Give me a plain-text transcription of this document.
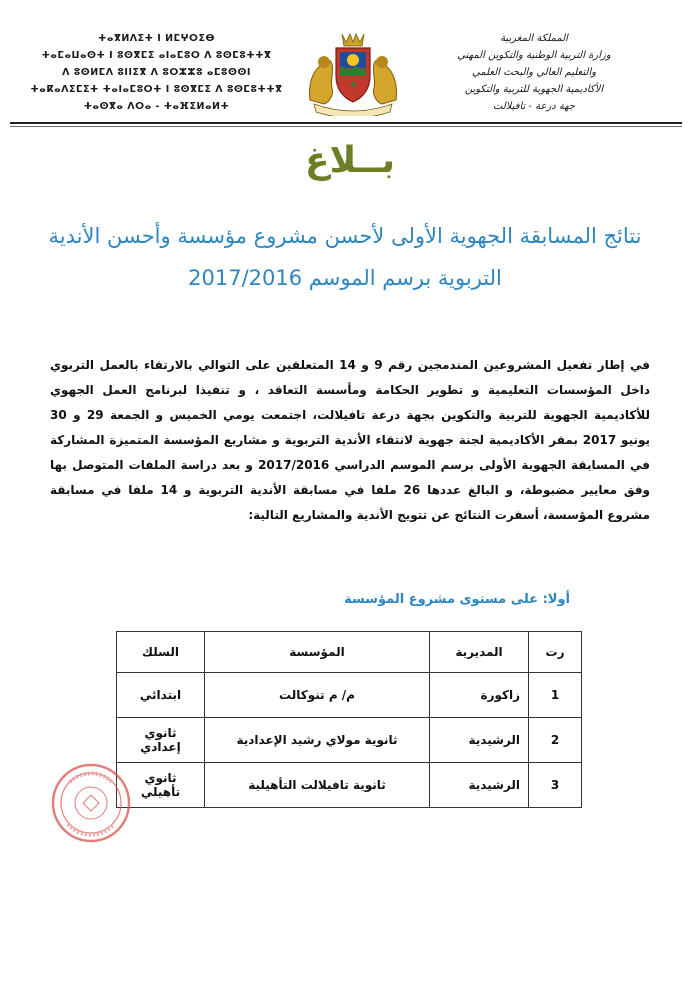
ⵜⴰⴳⵍⴷⵉⵜ ⵏ ⵍⵎⵖⵔⵉⴱ
ⵜⴰⵎⴰⵡⴰⵙⵜ ⵏ ⵓⵙⴳⵎⵉ ⴰⵏⴰⵎⵓⵔ ⴷ ⵓⵙⵎⵓⵜⵜⴳ
ⴷ ⵓⵙⵍⵎⴷ ⵓⵏⵏⵉⴳ ⴷ ⵓⵔⵣⵣⵓ ⴰⵎⵓⵙⵙⵏ
ⵜⴰⴽⴰⴷⵉⵎⵉⵜ ⵜⴰⵏⴰⵎⵓⵔⵜ ⵏ ⵓⵙⴳⵎⵉ ⴷ ⵓⵙⵎⵓⵜⵜⴳ
ⵜⴰⵙⴳⴰ ⴷⵔⴰ - ⵜⴰⴼⵉⵍⴰⵍⵜ
المملكة المغربية
وزارة التربية الوطنية والتكوين المهني
والتعليم العالي والبحث العلمي
الأكاديمية الجهوية للتربية والتكوين
جهة درعة - تافيلالت
بــلاغ
نتائج المسابقة الجهوية الأولى لأحسن مشروع مؤسسة وأحسن الأندية
التربوية برسم الموسم 2017/2016

في إطار تفعيل المشروعين المندمجين رقم 9 و 14 المتعلقين على التوالي بالارتقاء بالعمل التربوي داخل المؤسسات التعليمية و تطوير الحكامة ومأسسة التعاقد ، و تنفيذا لبرنامج العمل الجهوي للأكاديمية الجهوية للتربية والتكوين بجهة درعة تافيلالت، اجتمعت يومي الخميس و الجمعة 29 و 30 يونيو 2017 بمقر الأكاديمية لجنة جهوية لانتقاء الأندية التربوية و مشاريع المؤسسة المتميزة المشاركة في المسابقة الجهوية الأولى برسم الموسم الدراسي 2017/2016 و بعد دراسة الملفات المتوصل بها وفق معايير مضبوطة، و البالغ عددها 26 ملفا في مسابقة الأندية التربوية و 14 ملفا في مسابقة مشروع المؤسسة، أسفرت النتائج عن تتويج الأندية والمشاريع التالية:

أولا: على مستوى مشروع المؤسسة
رت	المديرية	المؤسسة	السلك
1	زاكورة	م/ م تنوكالت	ابتدائي
2	الرشيدية	ثانوية مولاي رشيد الإعدادية	ثانوي إعدادي
3	الرشيدية	ثانوية تافيلالت التأهيلية	ثانوي تأهيلي
